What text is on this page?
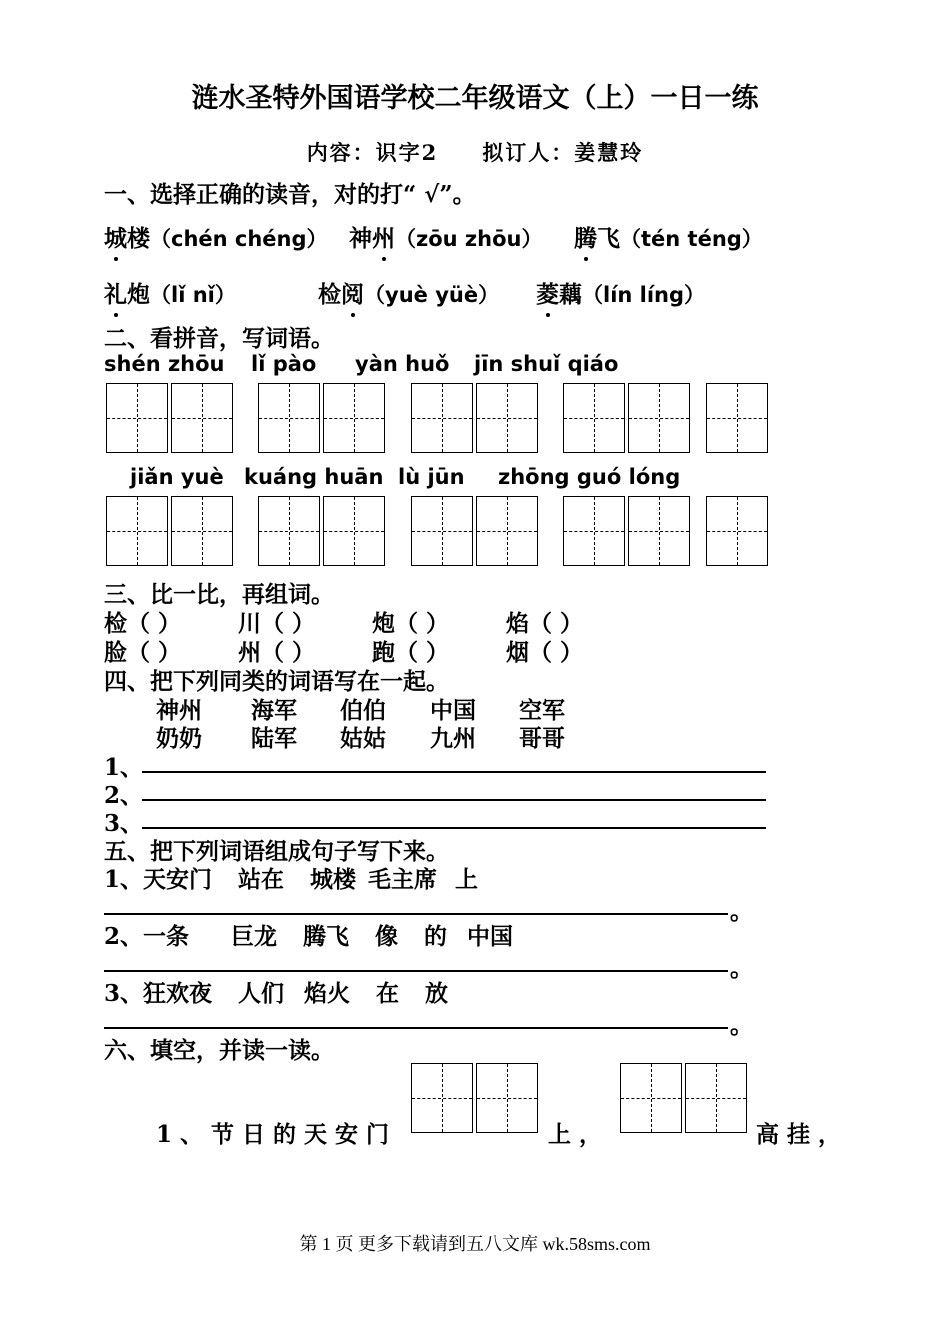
涟水圣特外国语学校二年级语文（上）一日一练
内容：识字2 拟订人：姜慧玲
一、选择正确的读音，对的打“ √”。
城楼（chén chéng） 神州（zōu zhōu） 腾飞（tén téng）
礼炮（lǐ nǐ）	检阅（yuè yüè） 菱藕（lín líng）
二、看拼音，写词语。
shén zhōu lǐ pào yàn huǒ jīn shuǐ qiáo
jiǎn yuè kuáng huān lù jūn zhōng guó lóng
三、比一比，再组词。
检（ ） 川（ ） 炮（ ） 焰（ ）
脸（ ） 州（ ） 跑（ ） 烟（ ）
四、把下列同类的词语写在一起。
神州 海军 伯伯 中国 空军
奶奶 陆军 姑姑 九州 哥哥
1、
2、
3、
五、把下列词语组成句子写下来。
1、天安门 站在 城楼 毛主席 上
。
2、一条 巨龙 腾飞 像 的 中国
。
3、狂欢夜 人们 焰火 在 放
。
六、填空，并读一读。
1 、 节 日 的 天 安 门	上 ，	高 挂 ，
第 1 页 更多下载请到五八文库 wk.58sms.com
